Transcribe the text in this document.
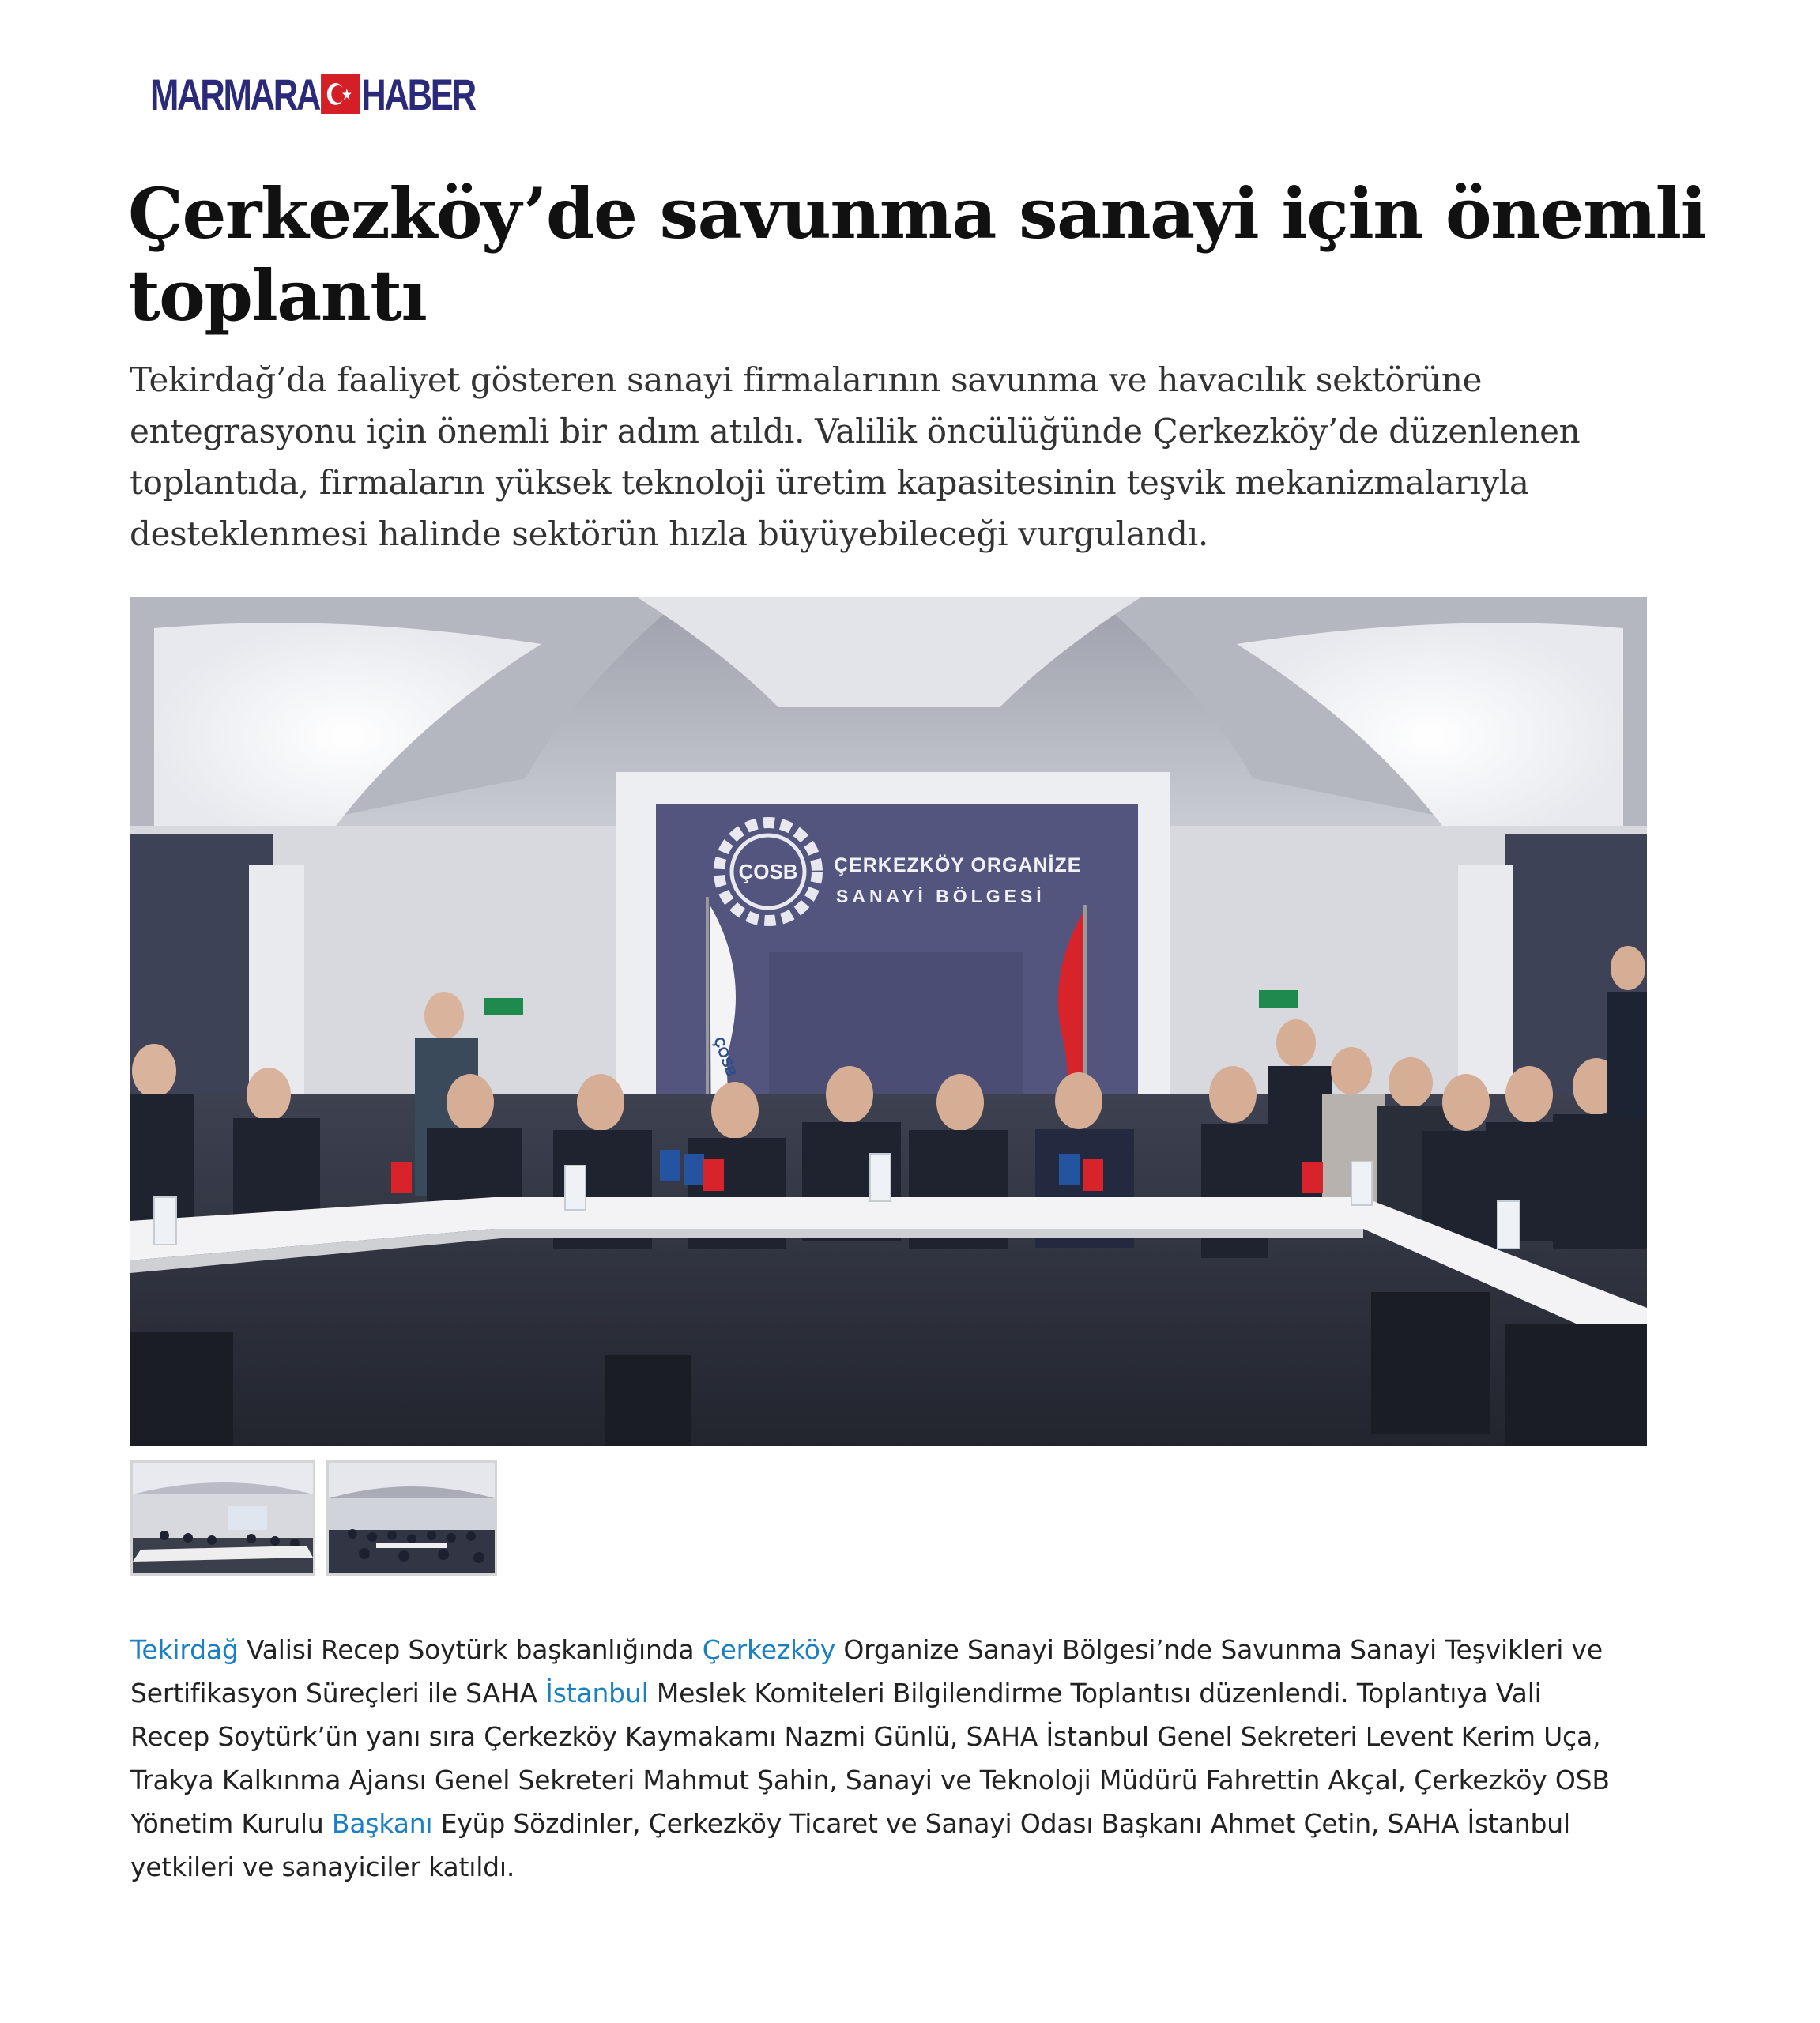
MARMARA HABER
Çerkezköy’de savunma sanayi için önemli toplantı

Tekirdağ’da faaliyet gösteren sanayi firmalarının savunma ve havacılık sektörüne entegrasyonu için önemli bir adım atıldı. Valilik öncülüğünde Çerkezköy’de düzenlenen toplantıda, firmaların yüksek teknoloji üretim kapasitesinin teşvik mekanizmalarıyla desteklenmesi halinde sektörün hızla büyüyebileceği vurgulandı.

ÇOSB ÇERKEZKÖY ORGANİZE
SANAYİ BÖLGESİ
ÇOSB

Tekirdağ Valisi Recep Soytürk başkanlığında Çerkezköy Organize Sanayi Bölgesi’nde Savunma Sanayi Teşvikleri ve Sertifikasyon Süreçleri ile SAHA İstanbul Meslek Komiteleri Bilgilendirme Toplantısı düzenlendi. Toplantıya Vali Recep Soytürk’ün yanı sıra Çerkezköy Kaymakamı Nazmi Günlü, SAHA İstanbul Genel Sekreteri Levent Kerim Uça, Trakya Kalkınma Ajansı Genel Sekreteri Mahmut Şahin, Sanayi ve Teknoloji Müdürü Fahrettin Akçal, Çerkezköy OSB Yönetim Kurulu Başkanı Eyüp Sözdinler, Çerkezköy Ticaret ve Sanayi Odası Başkanı Ahmet Çetin, SAHA İstanbul yetkileri ve sanayiciler katıldı.
